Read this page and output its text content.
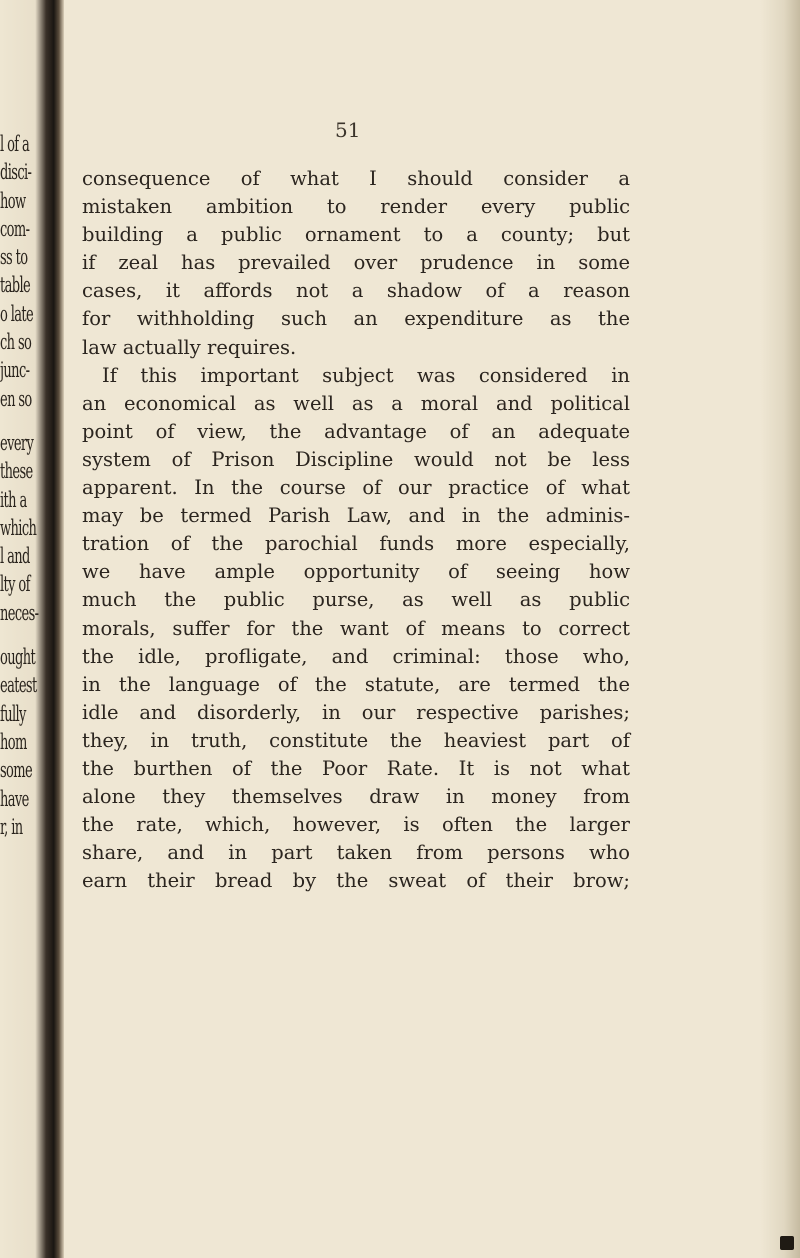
l of a
disci-
how
com-
ss to
table
o late
ch so
junc-
en so
every
these
ith a
which
l and
lty of
neces-
ought
eatest
fully
hom
some
have
r, in
51
consequence of what I should consider a
mistaken ambition to render every public
building a public ornament to a county; but
if zeal has prevailed over prudence in some
cases, it affords not a shadow of a reason
for withholding such an expenditure as the
law actually requires.
If this important subject was considered in
an economical as well as a moral and political
point of view, the advantage of an adequate
system of Prison Discipline would not be less
apparent. In the course of our practice of what
may be termed Parish Law, and in the adminis-
tration of the parochial funds more especially,
we have ample opportunity of seeing how
much the public purse, as well as public
morals, suffer for the want of means to correct
the idle, profligate, and criminal: those who,
in the language of the statute, are termed the
idle and disorderly, in our respective parishes;
they, in truth, constitute the heaviest part of
the burthen of the Poor Rate. It is not what
alone they themselves draw in money from
the rate, which, however, is often the larger
share, and in part taken from persons who
earn their bread by the sweat of their brow;
